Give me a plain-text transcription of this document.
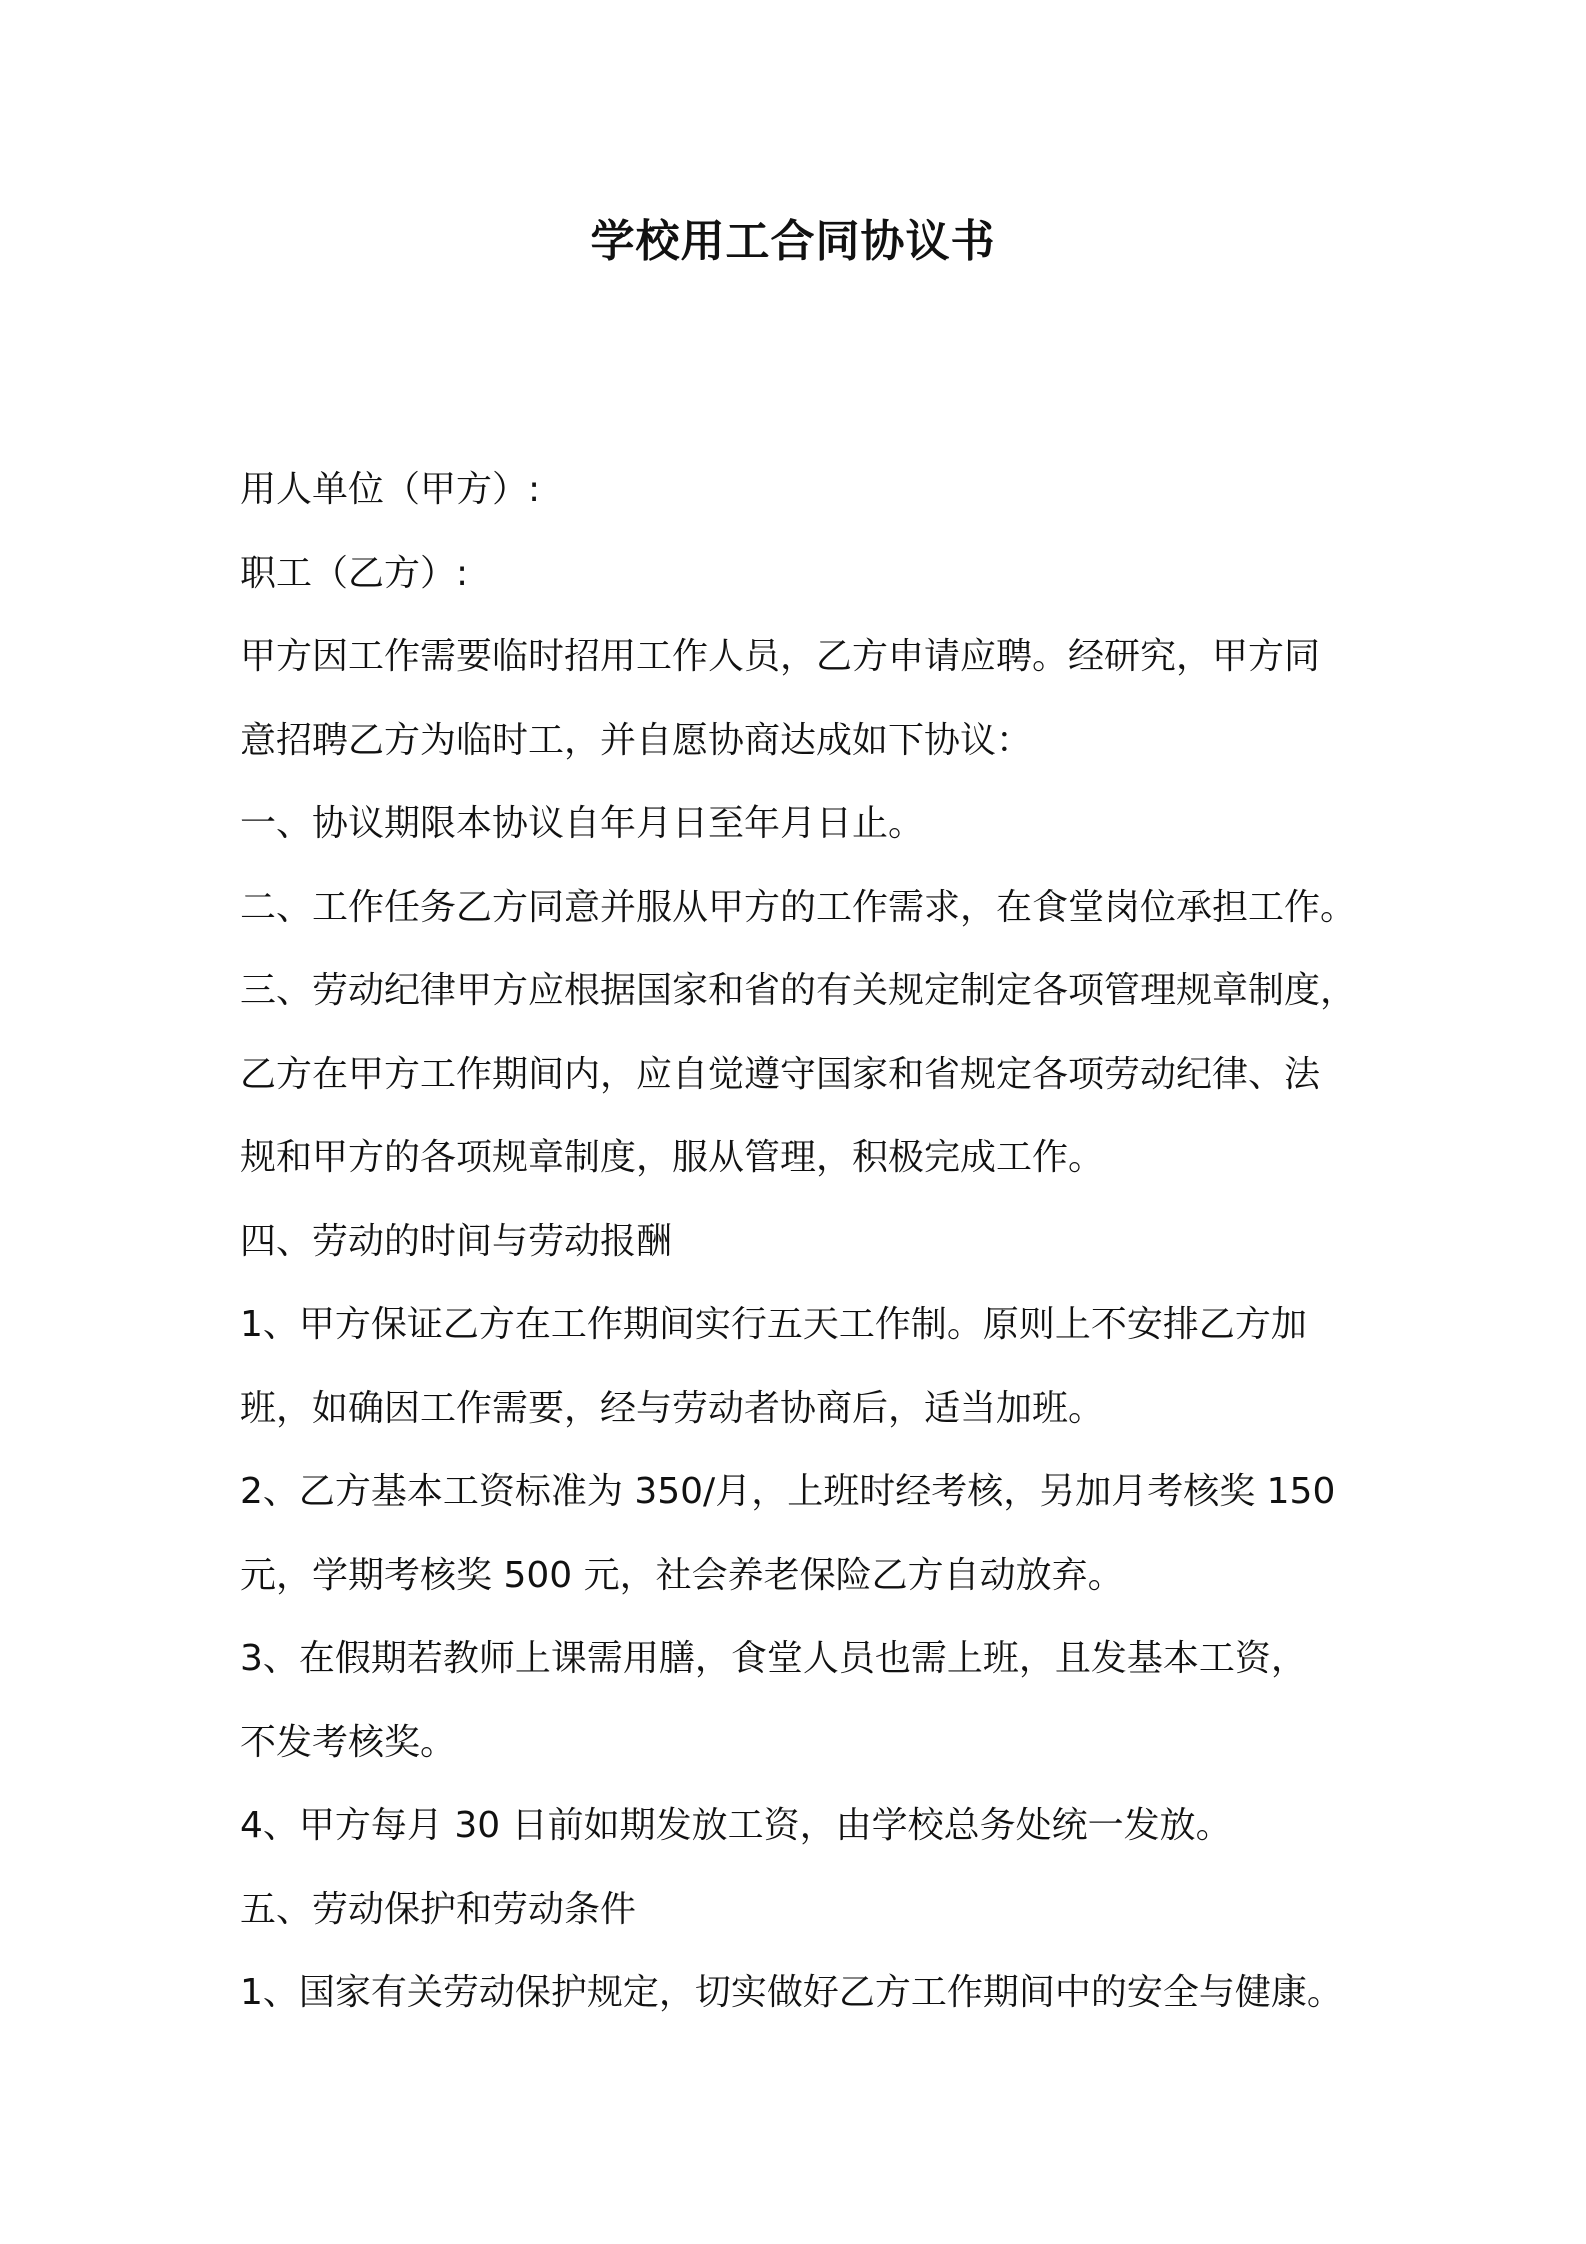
学校用工合同协议书
用人单位（甲方）:
职工（乙方）:
甲方因工作需要临时招用工作人员，乙方申请应聘。经研究，甲方同
意招聘乙方为临时工，并自愿协商达成如下协议：
一、协议期限本协议自年月日至年月日止。
二、工作任务乙方同意并服从甲方的工作需求，在食堂岗位承担工作。
三、劳动纪律甲方应根据国家和省的有关规定制定各项管理规章制度，
乙方在甲方工作期间内，应自觉遵守国家和省规定各项劳动纪律、法
规和甲方的各项规章制度，服从管理，积极完成工作。
四、劳动的时间与劳动报酬
1、甲方保证乙方在工作期间实行五天工作制。原则上不安排乙方加
班，如确因工作需要，经与劳动者协商后，适当加班。
2、乙方基本工资标准为 350/月，上班时经考核，另加月考核奖 150
元，学期考核奖 500 元，社会养老保险乙方自动放弃。
3、在假期若教师上课需用膳，食堂人员也需上班，且发基本工资，
不发考核奖。
4、甲方每月 30 日前如期发放工资，由学校总务处统一发放。
五、劳动保护和劳动条件
1、国家有关劳动保护规定，切实做好乙方工作期间中的安全与健康。
